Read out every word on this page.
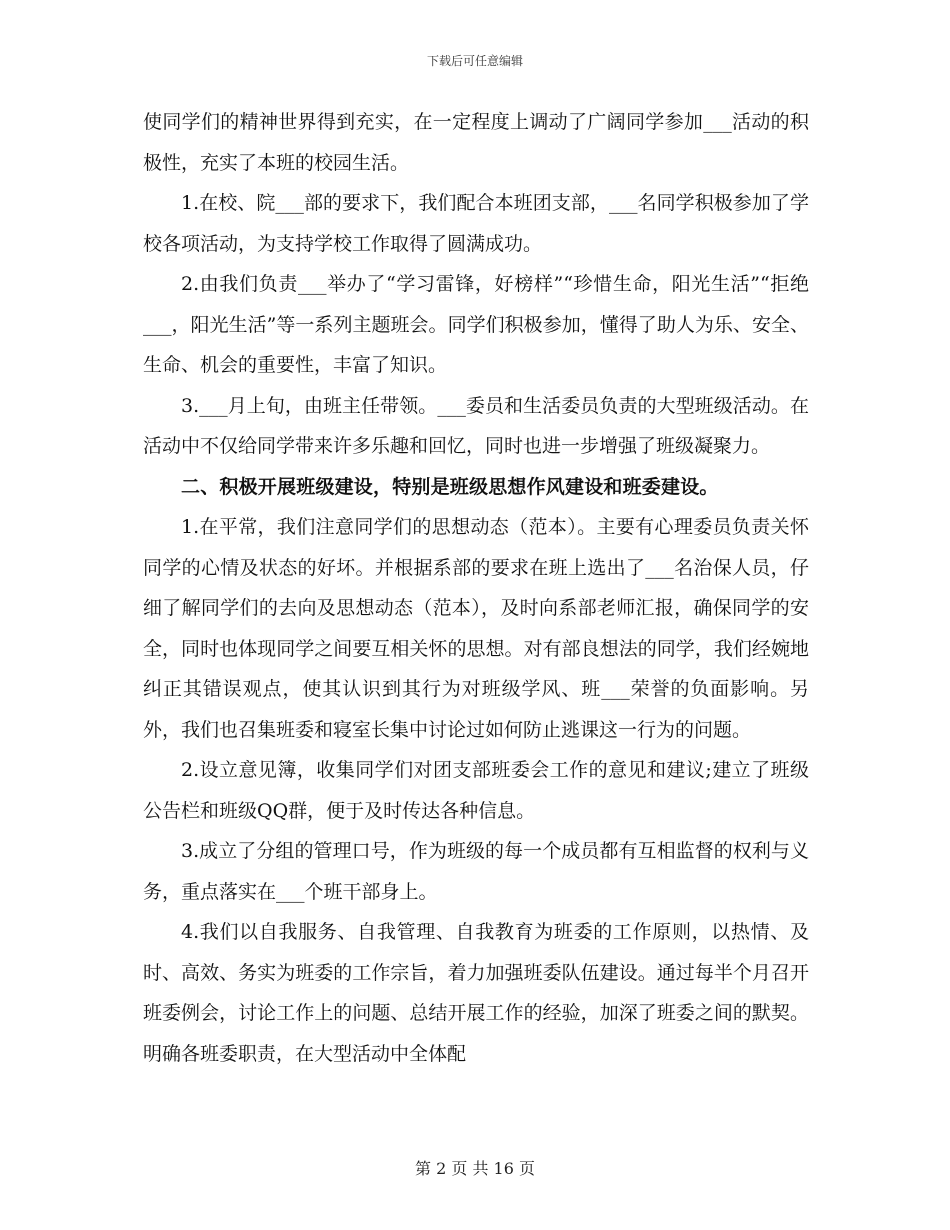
下载后可任意编辑

使同学们的精神世界得到充实，在一定程度上调动了广阔同学参加___活动的积极性，充实了本班的校园生活。

1.在校、院___部的要求下，我们配合本班团支部，___名同学积极参加了学校各项活动，为支持学校工作取得了圆满成功。

2.由我们负责___举办了“学习雷锋，好榜样”“珍惜生命，阳光生活”“拒绝___，阳光生活”等一系列主题班会。同学们积极参加，懂得了助人为乐、安全、生命、机会的重要性，丰富了知识。

3.___月上旬，由班主任带领。___委员和生活委员负责的大型班级活动。在活动中不仅给同学带来许多乐趣和回忆，同时也进一步增强了班级凝聚力。

二、积极开展班级建设，特别是班级思想作风建设和班委建设。

1.在平常，我们注意同学们的思想动态（范本）。主要有心理委员负责关怀同学的心情及状态的好坏。并根据系部的要求在班上选出了___名治保人员，仔细了解同学们的去向及思想动态（范本），及时向系部老师汇报，确保同学的安全，同时也体现同学之间要互相关怀的思想。对有部良想法的同学，我们经婉地纠正其错误观点，使其认识到其行为对班级学风、班___荣誉的负面影响。另外，我们也召集班委和寝室长集中讨论过如何防止逃课这一行为的问题。

2.设立意见簿，收集同学们对团支部班委会工作的意见和建议;建立了班级公告栏和班级QQ群，便于及时传达各种信息。

3.成立了分组的管理口号，作为班级的每一个成员都有互相监督的权利与义务，重点落实在___个班干部身上。

4.我们以自我服务、自我管理、自我教育为班委的工作原则，以热情、及时、高效、务实为班委的工作宗旨，着力加强班委队伍建设。通过每半个月召开班委例会，讨论工作上的问题、总结开展工作的经验，加深了班委之间的默契。明确各班委职责，在大型活动中全体配

第 2 页 共 16 页
